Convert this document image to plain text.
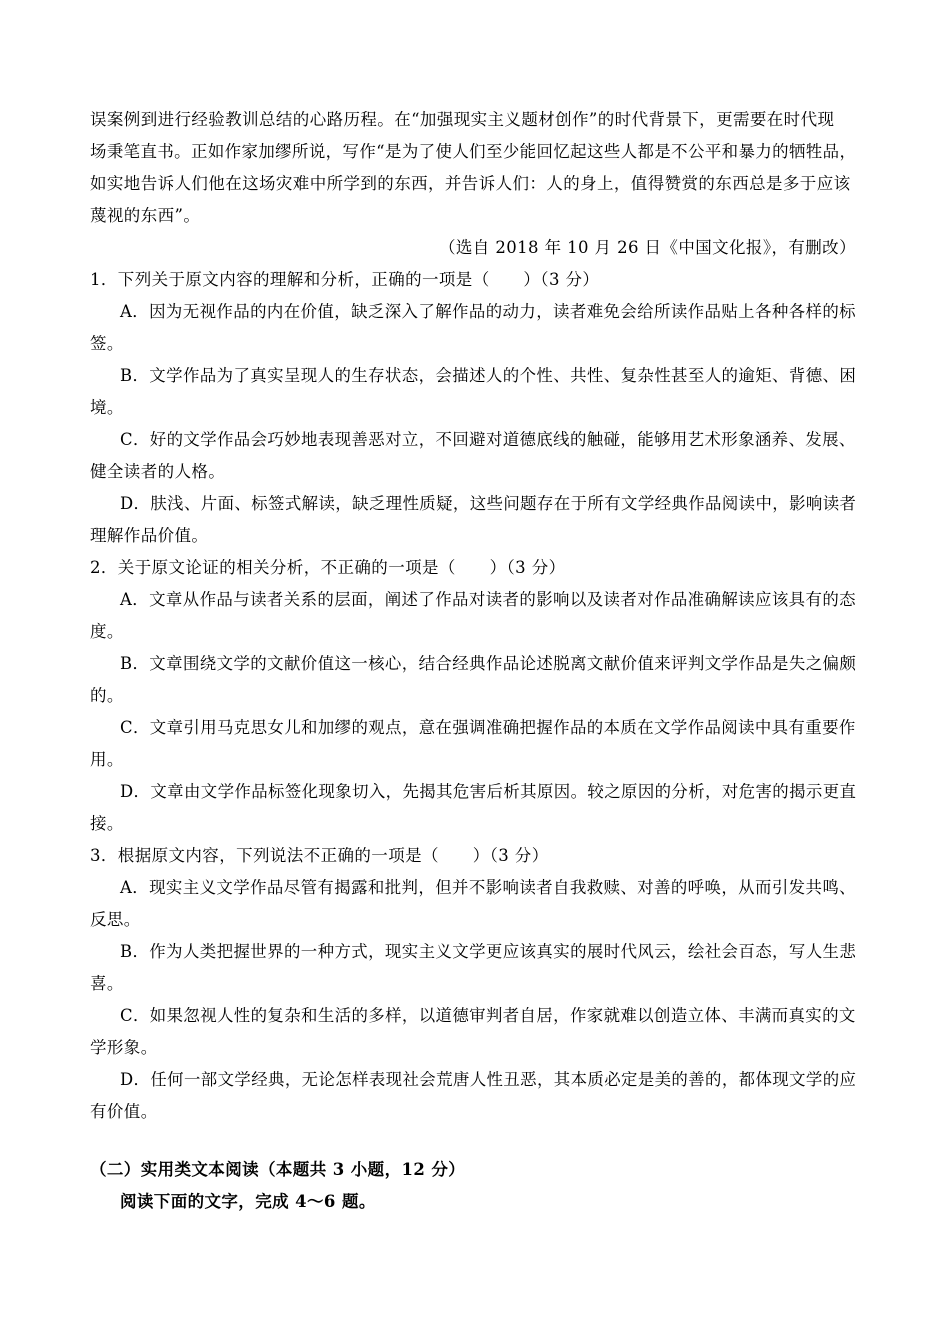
误案例到进行经验教训总结的心路历程。在“加强现实主义题材创作”的时代背景下，更需要在时代现
场秉笔直书。正如作家加缪所说，写作“是为了使人们至少能回忆起这些人都是不公平和暴力的牺牲品，
如实地告诉人们他在这场灾难中所学到的东西，并告诉人们：人的身上，值得赞赏的东西总是多于应该
蔑视的东西”。
（选自 2018 年 10 月 26 日《中国文化报》，有删改）
1．下列关于原文内容的理解和分析，正确的一项是（　　）（3 分）
A．因为无视作品的内在价值，缺乏深入了解作品的动力，读者难免会给所读作品贴上各种各样的标
签。
B．文学作品为了真实呈现人的生存状态，会描述人的个性、共性、复杂性甚至人的逾矩、背德、困
境。
C．好的文学作品会巧妙地表现善恶对立，不回避对道德底线的触碰，能够用艺术形象涵养、发展、
健全读者的人格。
D．肤浅、片面、标签式解读，缺乏理性质疑，这些问题存在于所有文学经典作品阅读中，影响读者
理解作品价值。
2．关于原文论证的相关分析，不正确的一项是（　　）（3 分）
A．文章从作品与读者关系的层面，阐述了作品对读者的影响以及读者对作品准确解读应该具有的态
度。
B．文章围绕文学的文献价值这一核心，结合经典作品论述脱离文献价值来评判文学作品是失之偏颇
的。
C．文章引用马克思女儿和加缪的观点，意在强调准确把握作品的本质在文学作品阅读中具有重要作
用。
D．文章由文学作品标签化现象切入，先揭其危害后析其原因。较之原因的分析，对危害的揭示更直
接。
3．根据原文内容，下列说法不正确的一项是（　　）（3 分）
A．现实主义文学作品尽管有揭露和批判，但并不影响读者自我救赎、对善的呼唤，从而引发共鸣、
反思。
B．作为人类把握世界的一种方式，现实主义文学更应该真实的展时代风云，绘社会百态，写人生悲
喜。
C．如果忽视人性的复杂和生活的多样，以道德审判者自居，作家就难以创造立体、丰满而真实的文
学形象。
D．任何一部文学经典，无论怎样表现社会荒唐人性丑恶，其本质必定是美的善的，都体现文学的应
有价值。
（二）实用类文本阅读（本题共 3 小题，12 分）
阅读下面的文字，完成 4～6 题。
